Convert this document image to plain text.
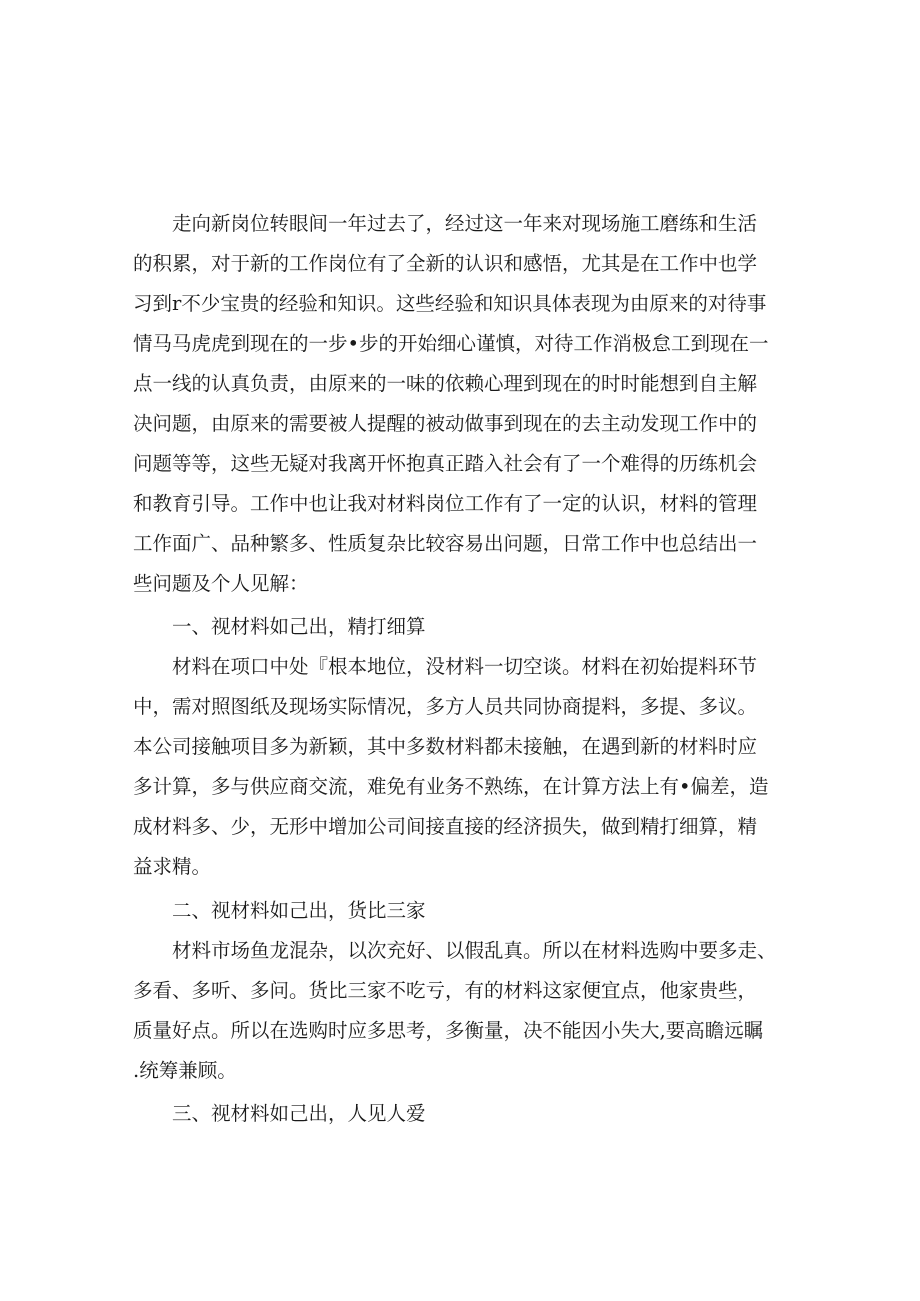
走向新岗位转眼间一年过去了，经过这一年来对现场施工磨练和生活
的积累，对于新的工作岗位有了全新的认识和感悟，尤其是在工作中也学
习到r不少宝贵的经验和知识。这些经验和知识具体表现为由原来的对待事
情马马虎虎到现在的一步•步的开始细心谨慎，对待工作消极怠工到现在一
点一线的认真负责，由原来的一味的依赖心理到现在的时时能想到自主解
决问题，由原来的需要被人提醒的被动做事到现在的去主动发现工作中的
问题等等，这些无疑对我离开怀抱真正踏入社会有了一个难得的历练机会
和教育引导。工作中也让我对材料岗位工作有了一定的认识，材料的管理
工作面广、品种繁多、性质复杂比较容易出问题，日常工作中也总结出一
些问题及个人见解：
一、视材料如己出，精打细算
材料在项口中处『根本地位，没材料一切空谈。材料在初始提料环节
中，需对照图纸及现场实际情况，多方人员共同协商提料，多提、多议。
本公司接触项目多为新颖，其中多数材料都未接触，在遇到新的材料时应
多计算，多与供应商交流，难免有业务不熟练，在计算方法上有•偏差，造
成材料多、少，无形中增加公司间接直接的经济损失，做到精打细算，精
益求精。
二、视材料如己出，货比三家
材料市场鱼龙混杂，以次充好、以假乱真。所以在材料选购中要多走、
多看、多听、多问。货比三家不吃亏，有的材料这家便宜点，他家贵些，
质量好点。所以在选购时应多思考，多衡量，决不能因小失大,要高瞻远瞩
.统筹兼顾。
三、视材料如己出，人见人爱
